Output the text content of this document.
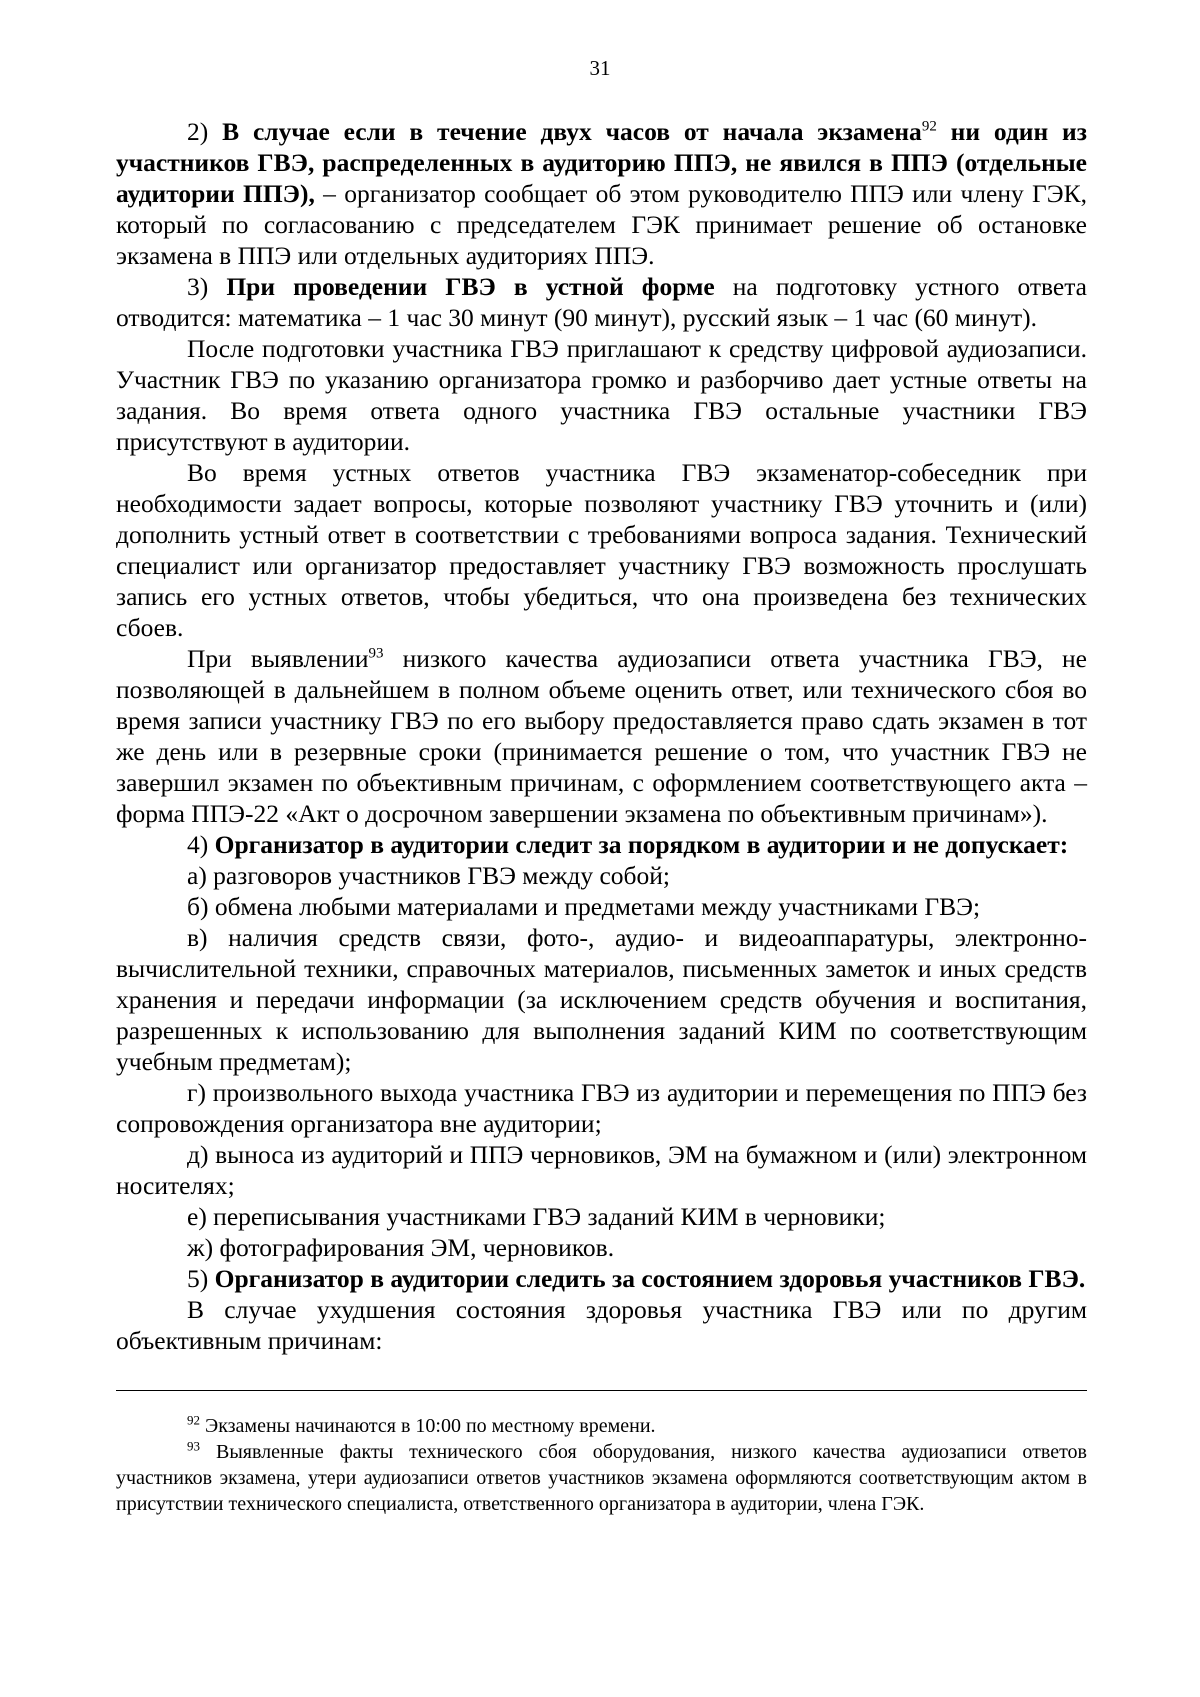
31

2) В случае если в течение двух часов от начала экзамена$^{92}$ ни один из участников ГВЭ, распределенных в аудиторию ППЭ, не явился в ППЭ (отдельные аудитории ППЭ), – организатор сообщает об этом руководителю ППЭ или члену ГЭК, который по согласованию с председателем ГЭК принимает решение об остановке экзамена в ППЭ или отдельных аудиториях ППЭ.

3) При проведении ГВЭ в устной форме на подготовку устного ответа отводится: математика – 1 час 30 минут (90 минут), русский язык – 1 час (60 минут).

После подготовки участника ГВЭ приглашают к средству цифровой аудиозаписи. Участник ГВЭ по указанию организатора громко и разборчиво дает устные ответы на задания. Во время ответа одного участника ГВЭ остальные участники ГВЭ присутствуют в аудитории.

Во время устных ответов участника ГВЭ экзаменатор-собеседник при необходимости задает вопросы, которые позволяют участнику ГВЭ уточнить и (или) дополнить устный ответ в соответствии с требованиями вопроса задания. Технический специалист или организатор предоставляет участнику ГВЭ возможность прослушать запись его устных ответов, чтобы убедиться, что она произведена без технических сбоев.

При выявлении$^{93}$ низкого качества аудиозаписи ответа участника ГВЭ, не позволяющей в дальнейшем в полном объеме оценить ответ, или технического сбоя во время записи участнику ГВЭ по его выбору предоставляется право сдать экзамен в тот же день или в резервные сроки (принимается решение о том, что участник ГВЭ не завершил экзамен по объективным причинам, с оформлением соответствующего акта – форма ППЭ-22 «Акт о досрочном завершении экзамена по объективным причинам»).

4) Организатор в аудитории следит за порядком в аудитории и не допускает:

а) разговоров участников ГВЭ между собой;

б) обмена любыми материалами и предметами между участниками ГВЭ;

в) наличия средств связи, фото-, аудио- и видеоаппаратуры, электронно-вычислительной техники, справочных материалов, письменных заметок и иных средств хранения и передачи информации (за исключением средств обучения и воспитания, разрешенных к использованию для выполнения заданий КИМ по соответствующим учебным предметам);

г) произвольного выхода участника ГВЭ из аудитории и перемещения по ППЭ без сопровождения организатора вне аудитории;

д) выноса из аудиторий и ППЭ черновиков, ЭМ на бумажном и (или) электронном носителях;

е) переписывания участниками ГВЭ заданий КИМ в черновики;

ж) фотографирования ЭМ, черновиков.

5) Организатор в аудитории следить за состоянием здоровья участников ГВЭ.

В случае ухудшения состояния здоровья участника ГВЭ или по другим объективным причинам:

$^{92}$ Экзамены начинаются в 10:00 по местному времени.

$^{93}$ Выявленные факты технического сбоя оборудования, низкого качества аудиозаписи ответов участников экзамена, утери аудиозаписи ответов участников экзамена оформляются соответствующим актом в присутствии технического специалиста, ответственного организатора в аудитории, члена ГЭК.
